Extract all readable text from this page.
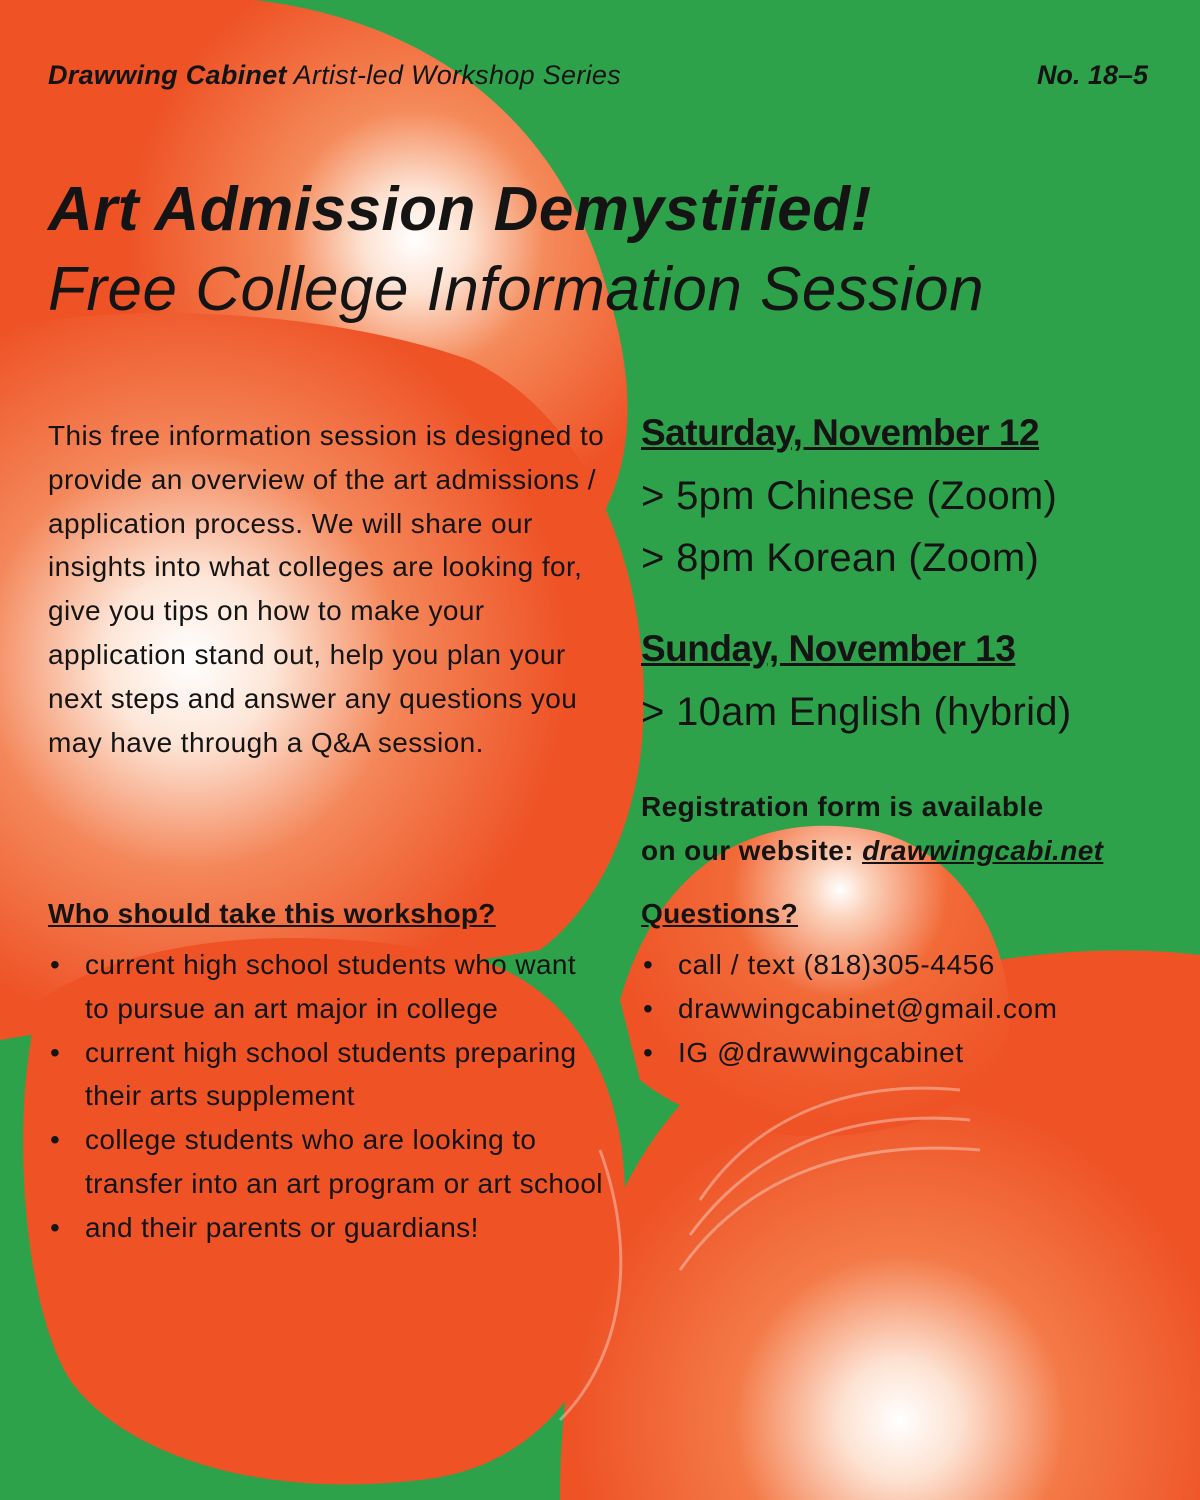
Drawwing Cabinet Artist-led Workshop Series	No. 18–5
Art Admission Demystified!
Free College Information Session

This free information session is designed to provide an overview of the art admissions / application process. We will share our insights into what colleges are looking for, give you tips on how to make your application stand out, help you plan your next steps and answer any questions you may have through a Q&A session.

Who should take this workshop?
• current high school students who want to pursue an art major in college
• current high school students preparing their arts supplement
• college students who are looking to transfer into an art program or art school
• and their parents or guardians!
Saturday, November 12
> 5pm Chinese (Zoom)
> 8pm Korean (Zoom)
Sunday, November 13
> 10am English (hybrid)
Registration form is available
on our website: drawwingcabi.net
Questions?
• call / text (818)305-4456
• drawwingcabinet@gmail.com
• IG @drawwingcabinet
